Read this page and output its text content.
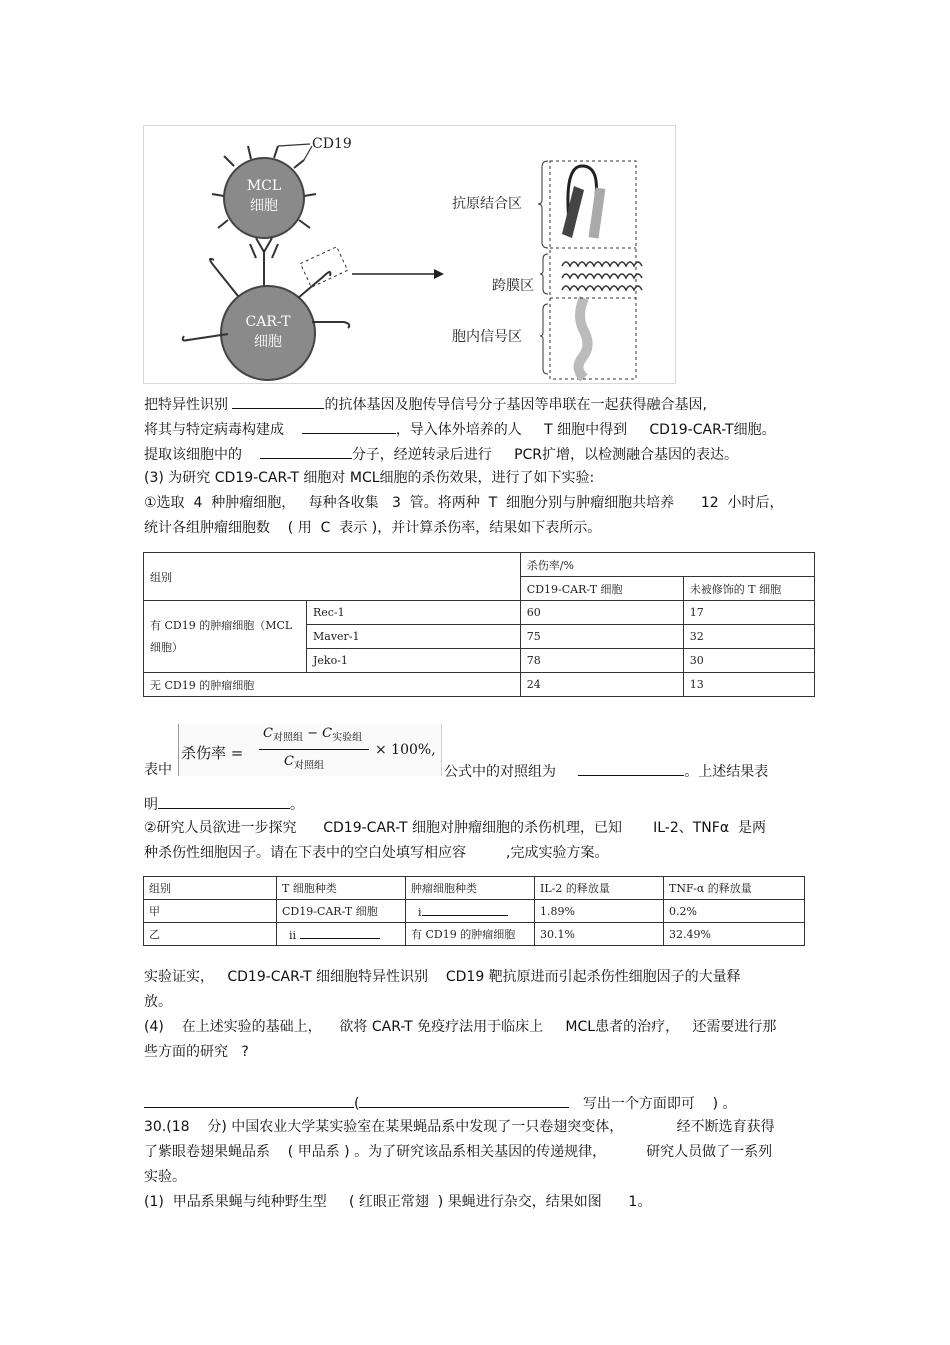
MCL
细胞
CD19
CAR-T
细胞
抗原结合区
跨膜区
胞内信号区
把特异性识别	的抗体基因及胞传导信号分子基因等串联在一起获得融合基因,
将其与特定病毒构建成	，导入体外培养的人     T 细胞中得到     CD19-CAR-T细胞。
提取该细胞中的	分子，经逆转录后进行     PCR扩增，以检测融合基因的表达。
(3) 为研究 CD19-CAR-T 细胞对 MCL细胞的杀伤效果，进行了如下实验:
①选取  4  种肿瘤细胞，   每种各收集   3  管。将两种  T  细胞分别与肿瘤细胞共培养      12  小时后，
统计各组肿瘤细胞数    ( 用  C  表示 )，并计算杀伤率，结果如下表所示。
组别		杀伤率/%	
		CD19-CAR-T 细胞	未被修饰的 T 细胞
有 CD19 的肿瘤细胞（MCL 细胞）	Rec-1	60	17
	Maver-1	75	32
	Jeko-1	78	30
无 CD19 的肿瘤细胞		24	13
表中
杀伤率 =
$C_{对照组} - C_{实验组}$
$C_{对照组}$
× 100%,
公式中的对照组为	。上述结果表
明	。
②研究人员欲进一步探究      CD19-CAR-T 细胞对肿瘤细胞的杀伤机理，已知       IL-2、TNFα  是两
种杀伤性细胞因子。请在下表中的空白处填写相应容         ,完成实验方案。
组别	T 细胞种类	肿瘤细胞种类	IL-2 的释放量	TNF-α 的释放量
甲	CD19-CAR-T 细胞	i	1.89%	0.2%
乙	ii	有 CD19 的肿瘤细胞	30.1%	32.49%
实验证实，   CD19-CAR-T 细细胞特异性识别    CD19 靶抗原进而引起杀伤性细胞因子的大量释
放。
(4)    在上述实验的基础上，    欲将 CAR-T 免疫疗法用于临床上     MCL患者的治疗，   还需要进行那
些方面的研究   ?
(	写出一个方面即可    ) 。
30.(18    分) 中国农业大学某实验室在某果蝇品系中发现了一只卷翅突变体，            经不断选育获得
了紫眼卷翅果蝇品系    ( 甲品系 ) 。为了研究该品系相关基因的传递规律，         研究人员做了一系列
实验。
(1)  甲品系果蝇与纯种野生型     ( 红眼正常翅  ) 果蝇进行杂交，结果如图      1。
